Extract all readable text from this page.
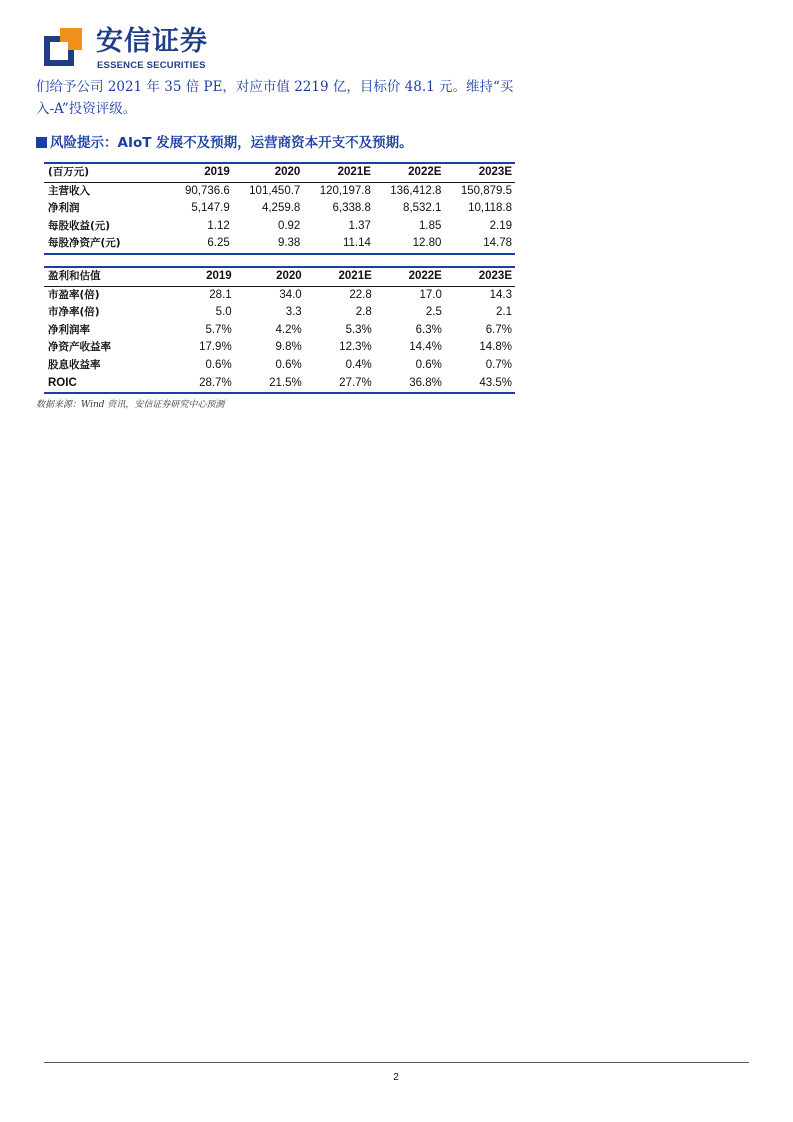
安信证券
ESSENCE SECURITIES
们给予公司 2021 年 35 倍 PE，对应市值 2219 亿，目标价 48.1 元。维持“买入-A”投资评级。
风险提示：AIoT 发展不及预期，运营商资本开支不及预期。
(百万元)	2019	2020	2021E	2022E	2023E
主营收入	90,736.6	101,450.7	120,197.8	136,412.8	150,879.5
净利润	5,147.9	4,259.8	6,338.8	8,532.1	10,118.8
每股收益(元)	1.12	0.92	1.37	1.85	2.19
每股净资产(元)	6.25	9.38	11.14	12.80	14.78
盈利和估值	2019	2020	2021E	2022E	2023E
市盈率(倍)	28.1	34.0	22.8	17.0	14.3
市净率(倍)	5.0	3.3	2.8	2.5	2.1
净利润率	5.7%	4.2%	5.3%	6.3%	6.7%
净资产收益率	17.9%	9.8%	12.3%	14.4%	14.8%
股息收益率	0.6%	0.6%	0.4%	0.6%	0.7%
ROIC	28.7%	21.5%	27.7%	36.8%	43.5%
数据来源：Wind 资讯，安信证券研究中心预测
2
